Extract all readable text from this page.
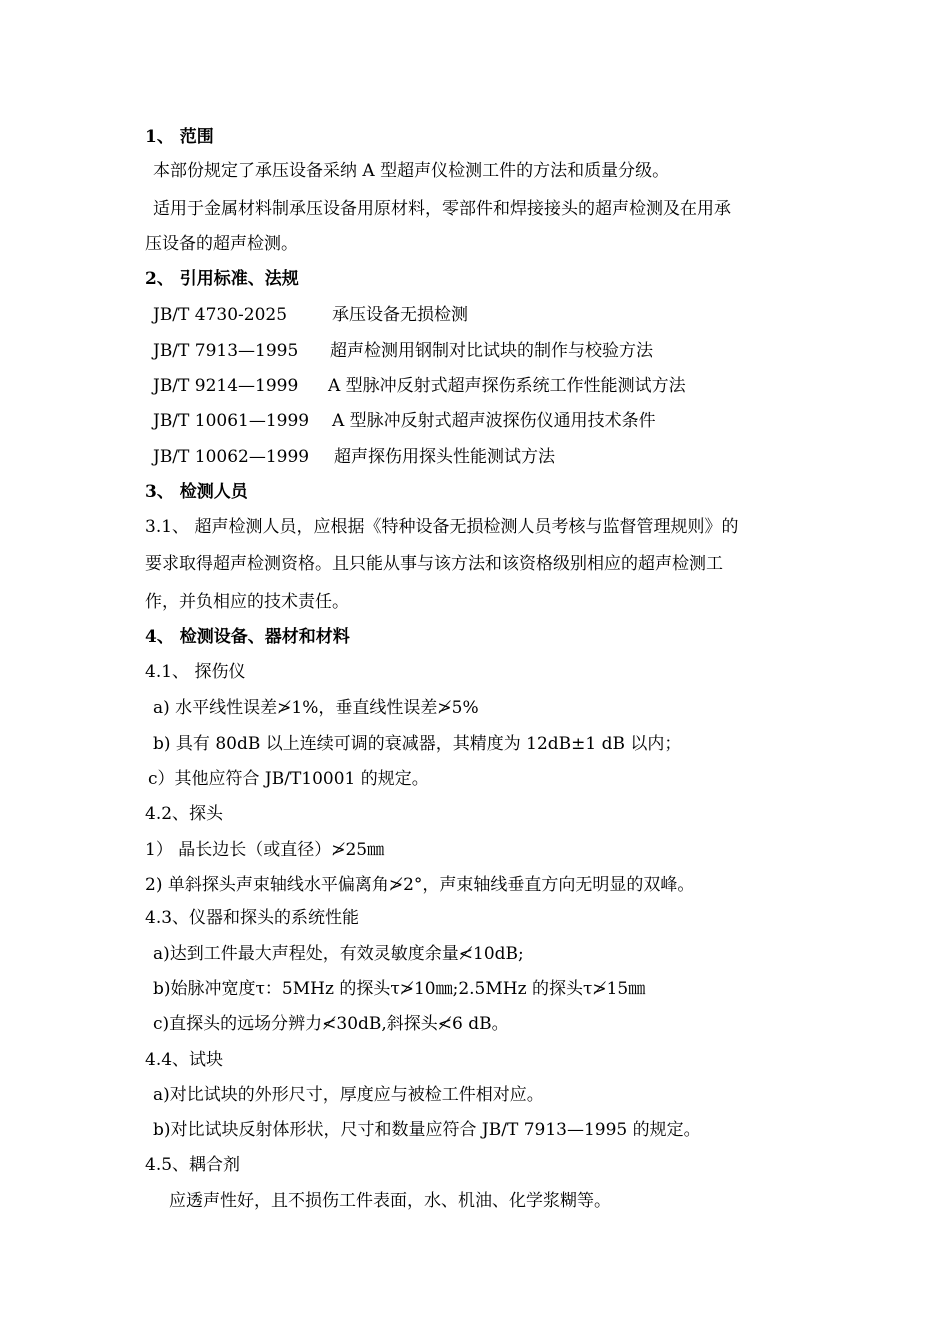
1、 范围
本部份规定了承压设备采纳 A 型超声仪检测工件的方法和质量分级。
适用于金属材料制承压设备用原材料，零部件和焊接接头的超声检测及在用承
压设备的超声检测。
2、 引用标准、法规
JB/T 4730-2025	承压设备无损检测
JB/T 7913—1995 超声检测用钢制对比试块的制作与校验方法
JB/T 9214—1999 A 型脉冲反射式超声探伤系统工作性能测试方法
JB/T 10061—1999 A 型脉冲反射式超声波探伤仪通用技术条件
JB/T 10062—1999 超声探伤用探头性能测试方法
3、 检测人员
3.1、 超声检测人员，应根据《特种设备无损检测人员考核与监督管理规则》的
要求取得超声检测资格。且只能从事与该方法和该资格级别相应的超声检测工
作，并负相应的技术责任。
4、 检测设备、器材和材料
4.1、 探伤仪
a) 水平线性误差≯1%，垂直线性误差≯5%
b) 具有 80dB 以上连续可调的衰减器，其精度为 12dB±1 dB 以内；
c）其他应符合 JB/T10001 的规定。
4.2、探头
1） 晶长边长（或直径）≯25㎜
2) 单斜探头声束轴线水平偏离角≯2°，声束轴线垂直方向无明显的双峰。
4.3、仪器和探头的系统性能
a)达到工件最大声程处，有效灵敏度余量≮10dB;
b)始脉冲宽度τ：5MHz 的探头τ≯10㎜;2.5MHz 的探头τ≯15㎜
c)直探头的远场分辨力≮30dB,斜探头≮6 dB。
4.4、试块
a)对比试块的外形尺寸，厚度应与被检工件相对应。
b)对比试块反射体形状，尺寸和数量应符合 JB/T 7913—1995 的规定。
4.5、耦合剂
应透声性好，且不损伤工件表面，水、机油、化学浆糊等。
